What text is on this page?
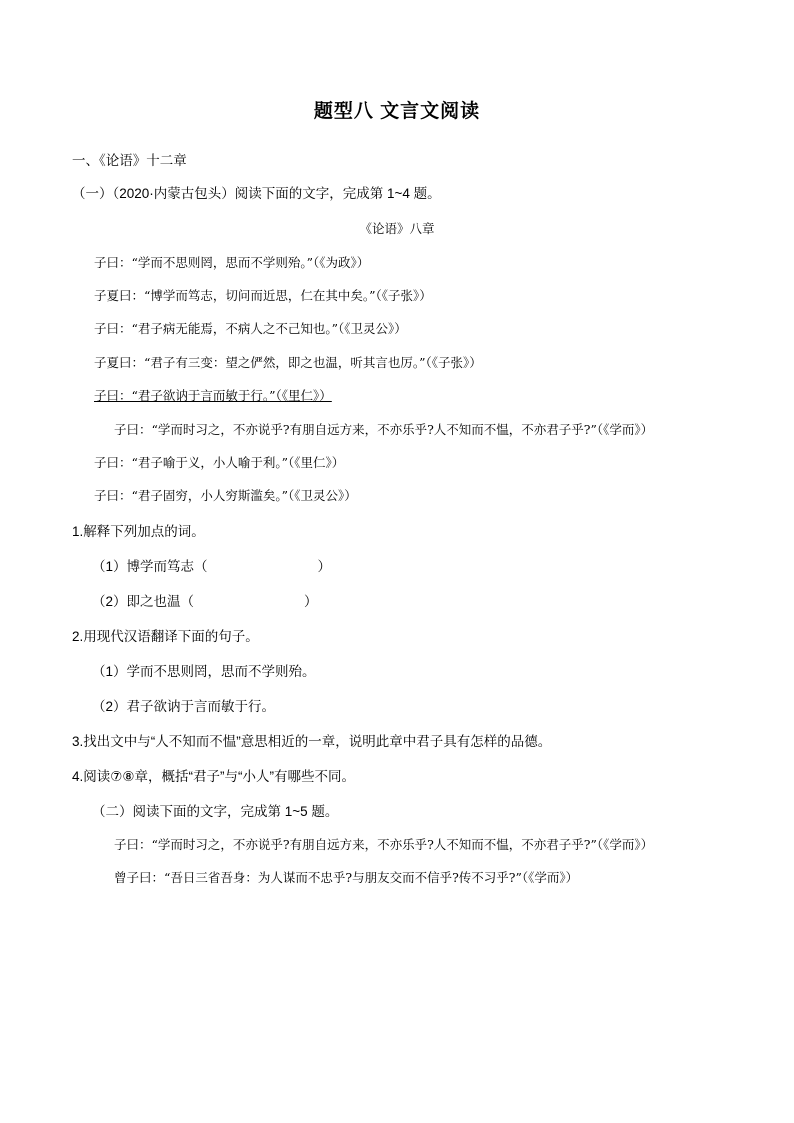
题型八 文言文阅读

一、《论语》十二章

（一）（2020·内蒙古包头）阅读下面的文字，完成第 1~4 题。

《论语》八章

子曰：“学而不思则罔，思而不学则殆。”（《为政》）

子夏曰：“博学而笃志，切问而近思，仁在其中矣。”（《子张》）

子曰：“君子病无能焉，不病人之不己知也。”（《卫灵公》）

子夏曰：“君子有三变：望之俨然，即之也温，听其言也厉。”（《子张》）

子曰：“君子欲讷于言而敏于行。”（《里仁》）

子曰：“学而时习之，不亦说乎?有朋自远方来，不亦乐乎?人不知而不愠，不亦君子乎?”（《学而》）

子曰：“君子喻于义，小人喻于利。”（《里仁》）

子曰：“君子固穷，小人穷斯滥矣。”（《卫灵公》）

1.解释下列加点的词。

（1）博学而笃志（	）

（2）即之也温（	）

2.用现代汉语翻译下面的句子。

（1）学而不思则罔，思而不学则殆。

（2）君子欲讷于言而敏于行。

3.找出文中与“人不知而不愠”意思相近的一章，说明此章中君子具有怎样的品德。

4.阅读⑦⑧章，概括“君子”与“小人”有哪些不同。

（二）阅读下面的文字，完成第 1~5 题。

子曰：“学而时习之，不亦说乎?有朋自远方来，不亦乐乎?人不知而不愠，不亦君子乎?”（《学而》）

曾子曰：“吾日三省吾身：为人谋而不忠乎?与朋友交而不信乎?传不习乎?”（《学而》）
